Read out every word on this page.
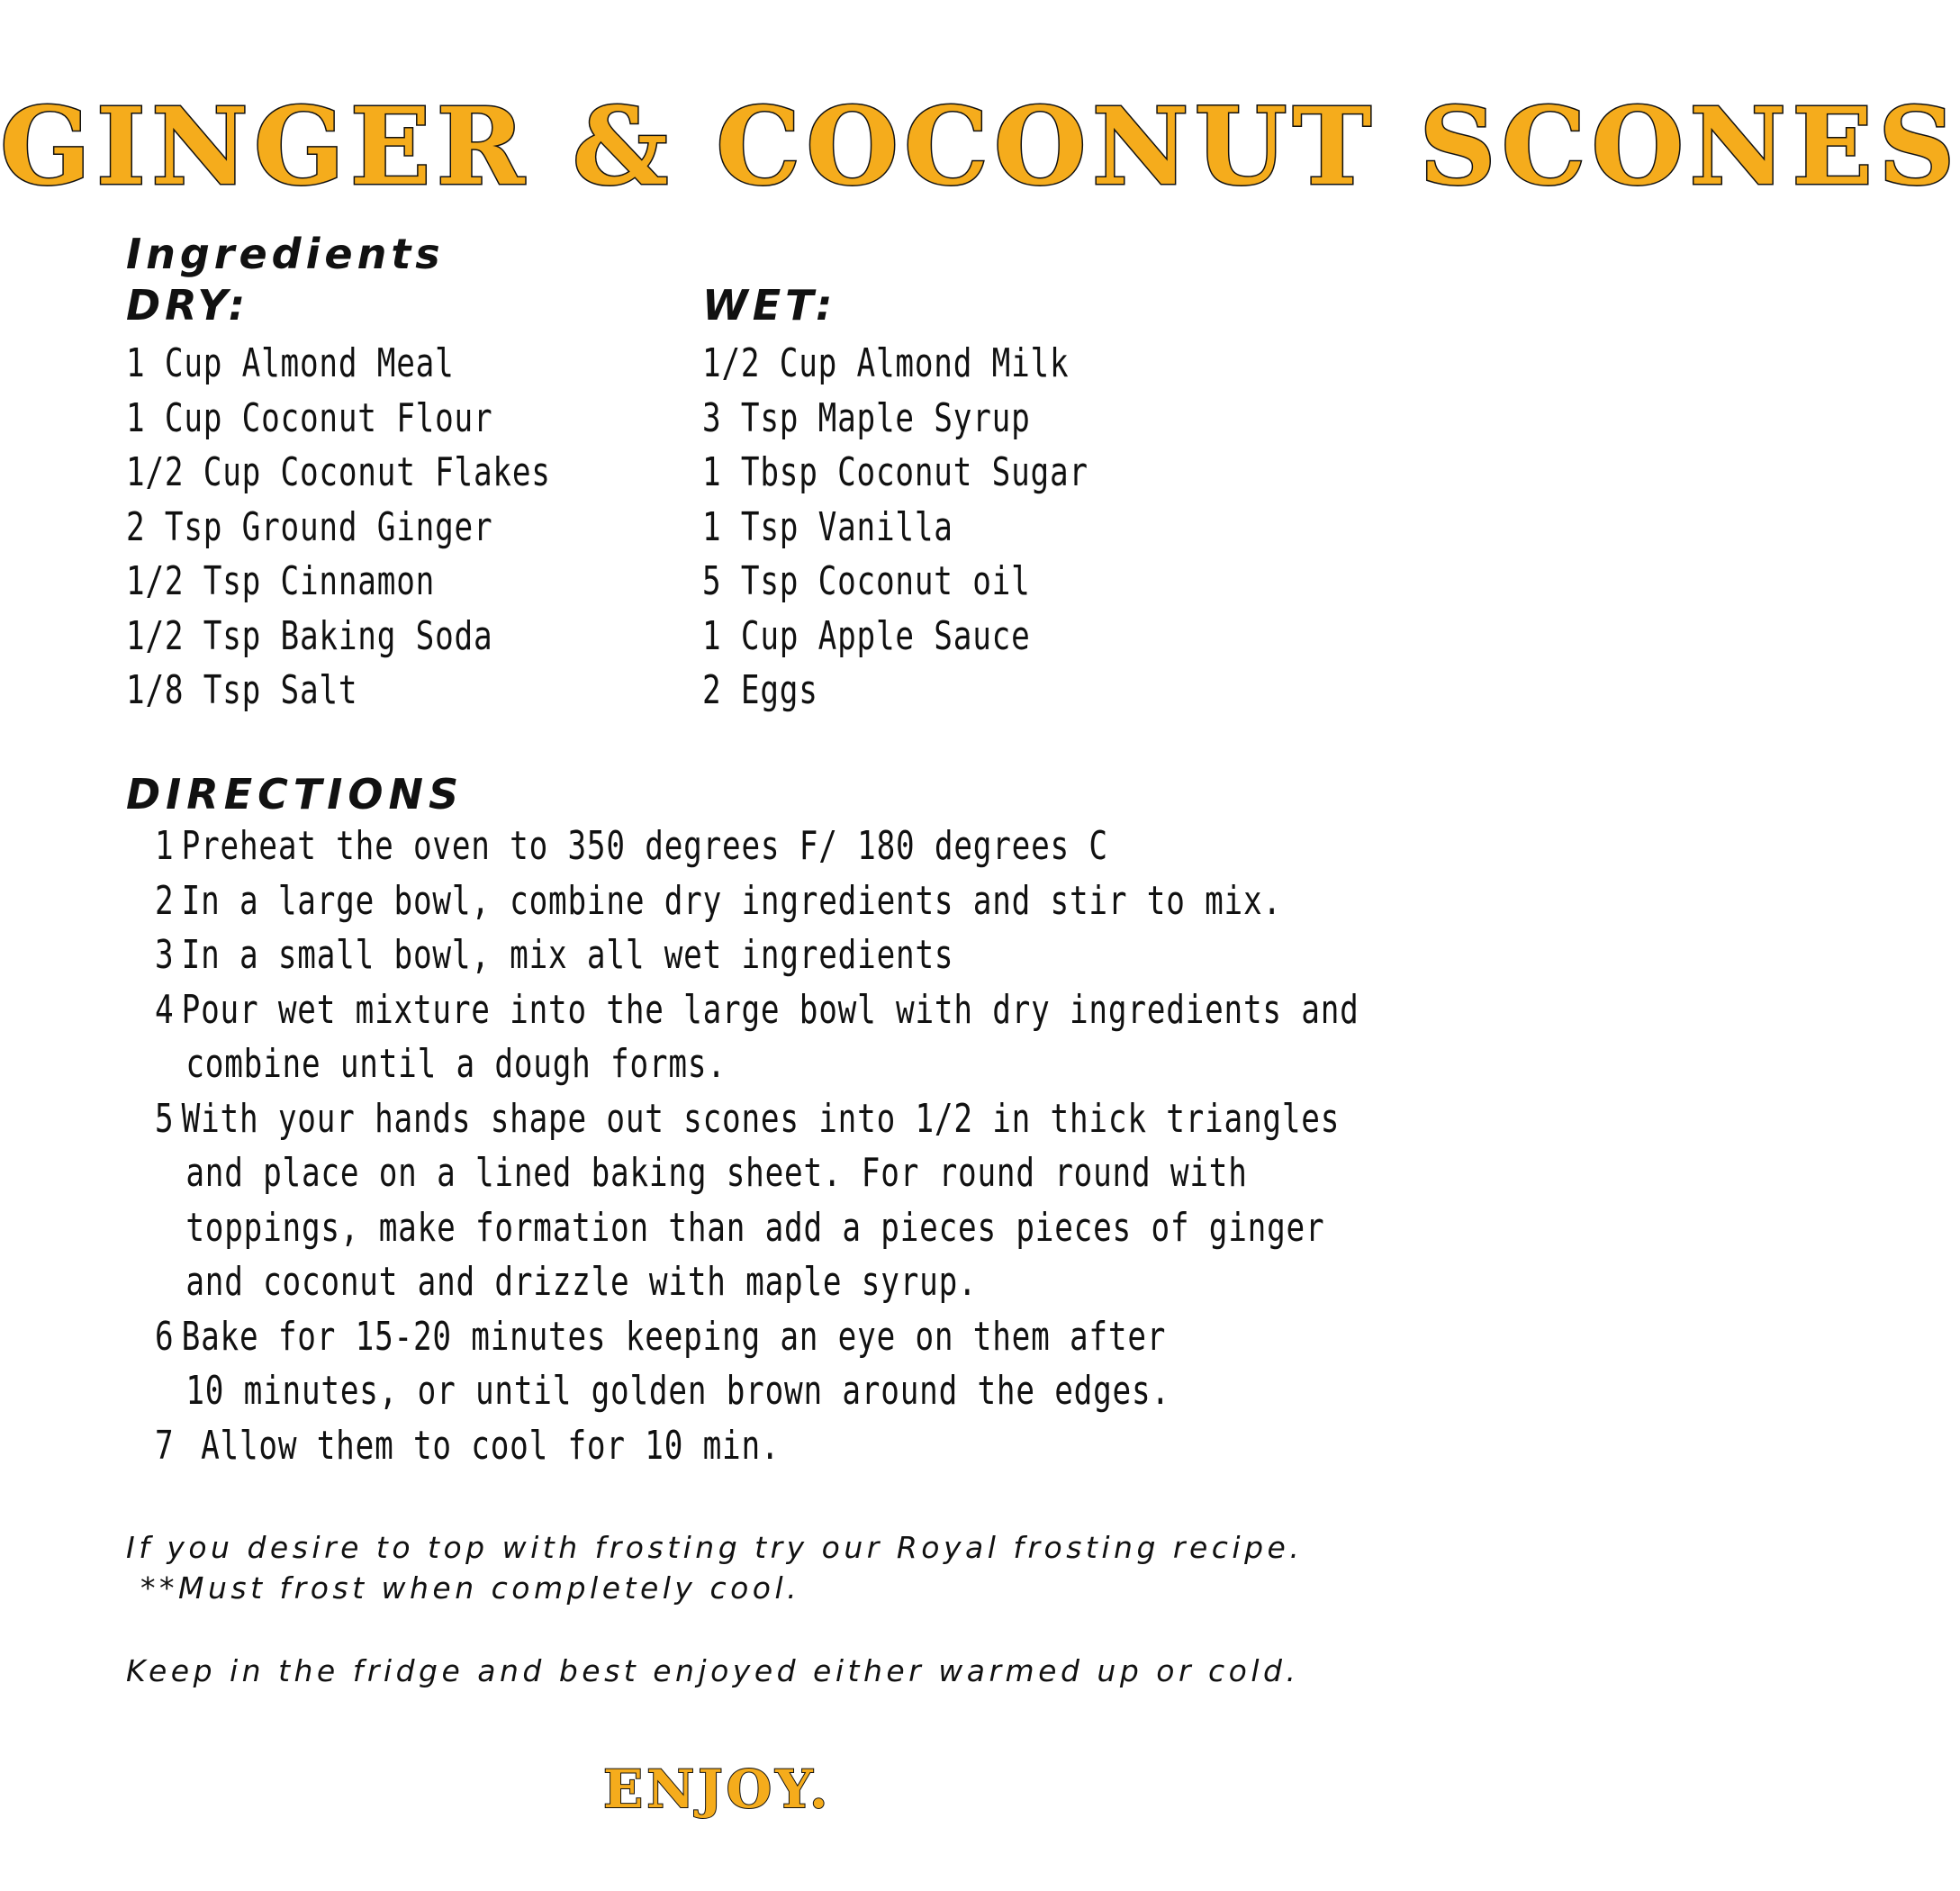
GINGER & COCONUT SCONES
Ingredients
DRY:
1 Cup Almond Meal
1 Cup Coconut Flour
1/2 Cup Coconut Flakes
2 Tsp Ground Ginger
1/2 Tsp Cinnamon
1/2 Tsp Baking Soda
1/8 Tsp Salt
WET:
1/2 Cup Almond Milk
3 Tsp Maple Syrup
1 Tbsp Coconut Sugar
1 Tsp Vanilla
5 Tsp Coconut oil
1 Cup Apple Sauce
2 Eggs
DIRECTIONS
1 Preheat the oven to 350 degrees F/ 180 degrees C
2 In a large bowl, combine dry ingredients and stir to mix.
3 In a small bowl, mix all wet ingredients
4 Pour wet mixture into the large bowl with dry ingredients and
combine until a dough forms.
5 With your hands shape out scones into 1/2 in thick triangles
and place on a lined baking sheet. For round round with
toppings, make formation than add a pieces pieces of ginger
and coconut and drizzle with maple syrup.
6 Bake for 15-20 minutes keeping an eye on them after
10 minutes, or until golden brown around the edges.
7 Allow them to cool for 10 min.

If you desire to top with frosting try our Royal frosting recipe.

**Must frost when completely cool.

Keep in the fridge and best enjoyed either warmed up or cold.

ENJOY.
